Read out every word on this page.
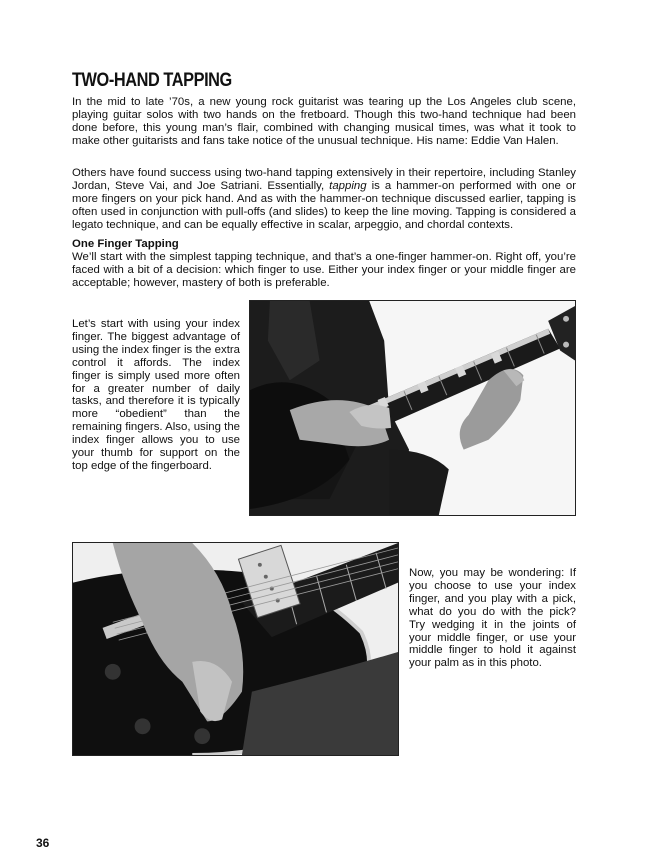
TWO-HAND TAPPING

In the mid to late ’70s, a new young rock guitarist was tearing up the Los Angeles club scene, playing guitar solos with two hands on the fretboard. Though this two-hand technique had been done before, this young man’s flair, combined with changing musical times, was what it took to make other guitarists and fans take notice of the unusual technique. His name: Eddie Van Halen.

Others have found success using two-hand tapping extensively in their repertoire, including Stanley Jordan, Steve Vai, and Joe Satriani. Essentially, tapping is a hammer-on performed with one or more fingers on your pick hand. And as with the hammer-on technique discussed earlier, tapping is often used in conjunction with pull-offs (and slides) to keep the line moving. Tapping is considered a legato technique, and can be equally effective in scalar, arpeggio, and chordal contexts.

One Finger Tapping

We’ll start with the simplest tapping technique, and that’s a one-finger hammer-on. Right off, you’re faced with a bit of a decision: which finger to use. Either your index finger or your middle finger are acceptable; however, mastery of both is preferable.

Let’s start with using your index finger. The biggest advantage of using the index finger is the extra control it affords. The index finger is simply used more often for a greater number of daily tasks, and therefore it is typically more “obedient” than the remaining fingers. Also, using the index finger allows you to use your thumb for support on the top edge of the fingerboard.

Now, you may be wondering: If you choose to use your index finger, and you play with a pick, what do you do with the pick? Try wedging it in the joints of your middle finger, or use your middle finger to hold it against your palm as in this photo.

36
